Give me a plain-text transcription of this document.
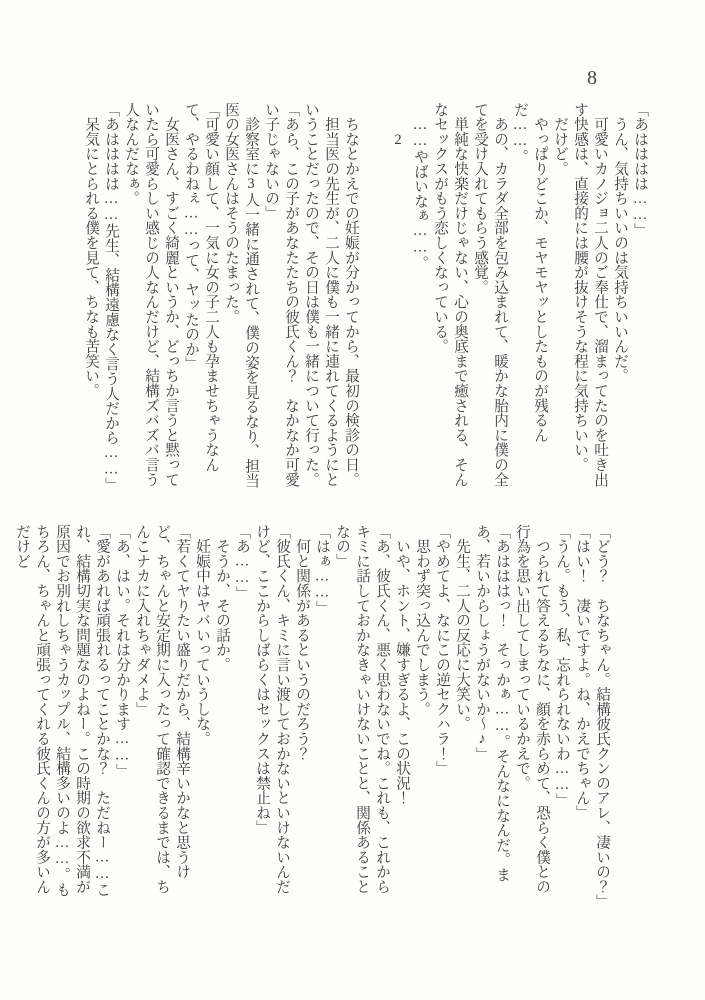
8

「あはははは……」

　うん、気持ちいいのは気持ちいいんだ。

　可愛いカノジョ二人のご奉仕で、溜まってたのを吐き出す快感は、直接的には腰が抜けそうな程に気持ちいい。

　だけど。

　やっぱりどこか、モヤモヤッとしたものが残るんだ……。

　あの、カラダ全部を包み込まれて、暖かな胎内に僕の全てを受け入れてもらう感覚。

　単純な快楽だけじゃない、心の奥底まで癒される、そんなセックスがもう恋しくなっている。

　……やばいなぁ……。

2

　ちなとかえでの妊娠が分かってから、最初の検診の日。

　担当医の先生が、二人に僕も一緒に連れてくるようにということだったので、その日は僕も一緒について行った。

「あら、この子があなたたちの彼氏くん？　なかなか可愛い子じゃないの」

　診察室に3人一緒に通されて、僕の姿を見るなり、担当医の女医さんはそうのたまった。

「可愛い顔して、一気に女の子二人も孕ませちゃうなんて、やるわねぇ……って、ヤッたのか」

　女医さん、すごく綺麗というか、どっちか言うと黙っていたら可愛らしい感じの人なんだけど、結構ズバズバ言う人なんだなぁ。

「あはははは……先生、結構遠慮なく言う人だから……」

　呆気にとられる僕を見て、ちなも苦笑い。

「どう？　ちなちゃん。結構彼氏クンのアレ、凄いの？」

「はい！　凄いですよ。ね、かえでちゃん」

「うん。もう、私、忘れられないわ……」

　つられて答えるちなに、顔を赤らめて、恐らく僕との行為を思い出してしまっているかえで。

「あはははっ！　そっかぁ……。そんなになんだ。まあ、若いからしょうがないか～♪」

　先生、二人の反応に大笑い。

「やめてよ、なにこの逆セクハラ！」

　思わず突っ込んでしまう。

　いや、ホント、嫌すぎるよ、この状況！

「あ、彼氏くん、悪く思わないでね。これも、これからキミに話しておかなきゃいけないことと、関係あることなの」

「はぁ……」

　何と関係があるというのだろう？

「彼氏くん、キミに言い渡しておかないといけないんだけど、ここからしばらくはセックスは禁止ね」

「あ……」

　そうか、その話か。

　妊娠中はヤバいっていうしな。

「若くてヤりたい盛りだから、結構辛いかなと思うけど、ちゃんと安定期に入ったって確認できるまでは、ちんこナカに入れちゃダメよ」

「あ、はい。それは分かります……」

「愛があれば頑張れるってことかな？　ただねー……これ、結構切実な問題なのよねー。この時期の欲求不満が原因でお別れしちゃうカップル、結構多いのよ……。もちろん、ちゃんと頑張ってくれる彼氏くんの方が多いんだけど
